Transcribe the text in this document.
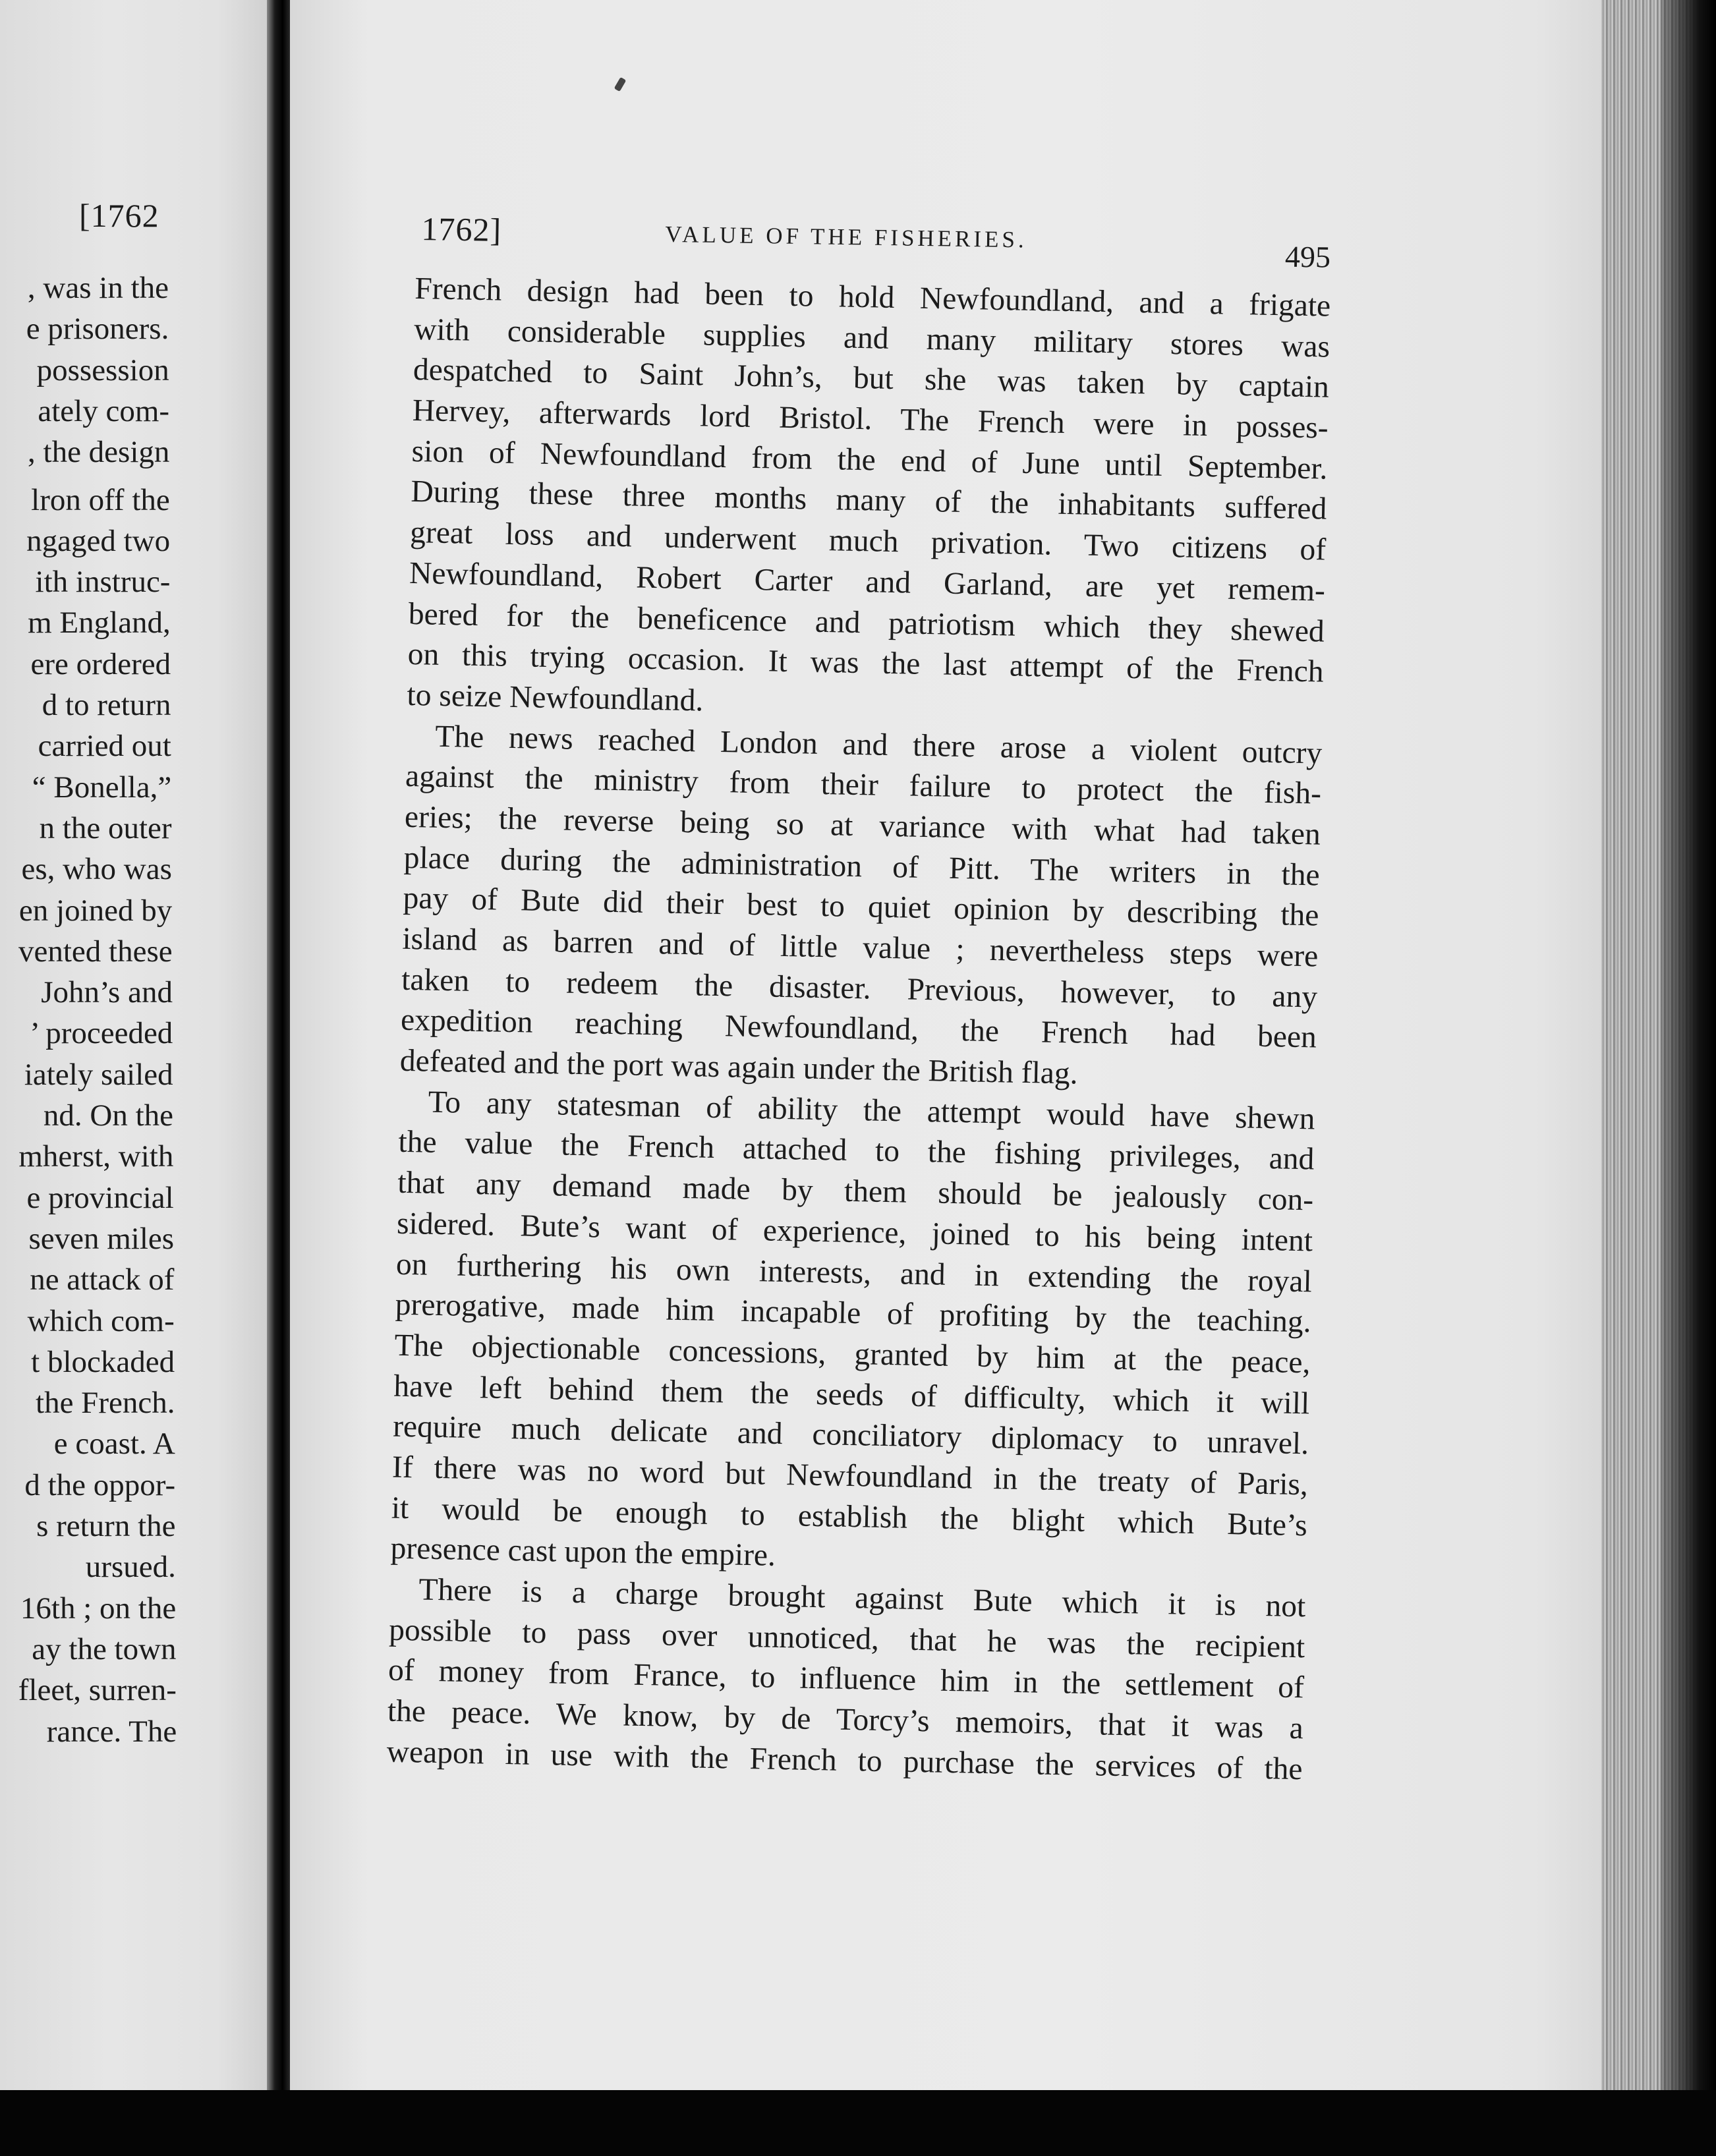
[1762
, was in the
e prisoners.
possession
ately com-
, the design
lron off the
ngaged two
ith instruc-
m England,
ere ordered
d to return
carried out
“ Bonella,”
n the outer
es, who was
en joined by
vented these
John’s and
’ proceeded
iately sailed
nd. On the
mherst, with
e provincial
seven miles
ne attack of
which com-
t blockaded
the French.
e coast. A
d the oppor-
s return the
ursued.
16th ; on the
ay the town
fleet, surren-
rance. The
1762]	VALUE OF THE FISHERIES.
495
French design had been to hold Newfoundland, and a frigate
with considerable supplies and many military stores was
despatched to Saint John’s, but she was taken by captain
Hervey, afterwards lord Bristol. The French were in posses-
sion of Newfoundland from the end of June until September.
During these three months many of the inhabitants suffered
great loss and underwent much privation. Two citizens of
Newfoundland, Robert Carter and Garland, are yet remem-
bered for the beneficence and patriotism which they shewed
on this trying occasion. It was the last attempt of the French
to seize Newfoundland.
The news reached London and there arose a violent outcry
against the ministry from their failure to protect the fish-
eries; the reverse being so at variance with what had taken
place during the administration of Pitt. The writers in the
pay of Bute did their best to quiet opinion by describing the
island as barren and of little value ; nevertheless steps were
taken to redeem the disaster. Previous, however, to any
expedition reaching Newfoundland, the French had been
defeated and the port was again under the British flag.
To any statesman of ability the attempt would have shewn
the value the French attached to the fishing privileges, and
that any demand made by them should be jealously con-
sidered. Bute’s want of experience, joined to his being intent
on furthering his own interests, and in extending the royal
prerogative, made him incapable of profiting by the teaching.
The objectionable concessions, granted by him at the peace,
have left behind them the seeds of difficulty, which it will
require much delicate and conciliatory diplomacy to unravel.
If there was no word but Newfoundland in the treaty of Paris,
it would be enough to establish the blight which Bute’s
presence cast upon the empire.
There is a charge brought against Bute which it is not
possible to pass over unnoticed, that he was the recipient
of money from France, to influence him in the settlement of
the peace. We know, by de Torcy’s memoirs, that it was a
weapon in use with the French to purchase the services of the
